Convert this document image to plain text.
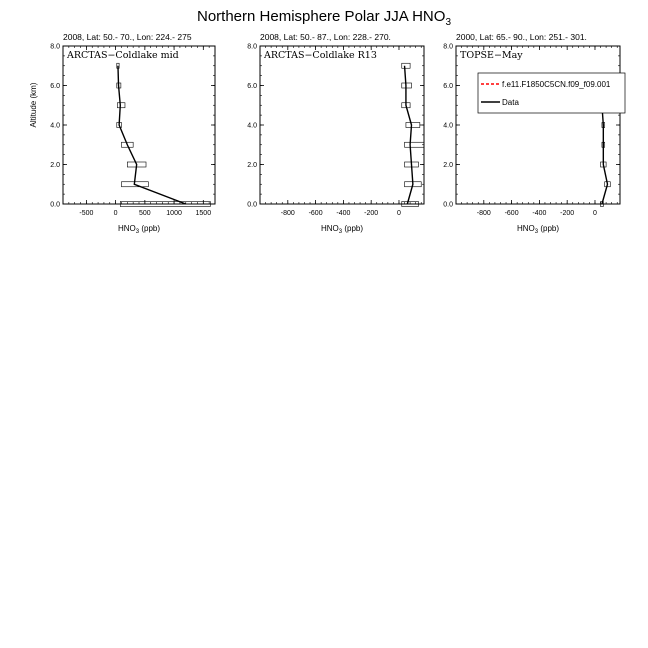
Northern Hemisphere Polar JJA $HNO_3$
2008, Lat: 50.- 70., Lon: 224.- 275
0.0
2.0
4.0
6.0
8.0
-500	0	500 1000 1500
$HNO_3$ (ppb)
Altitude (km)
ARCTAS−Coldlake mid
2008, Lat: 50.- 87., Lon: 228.- 270.
0.0
2.0
4.0
6.0
8.0
-800 -600 -400 -200	0
$HNO_3$ (ppb)
ARCTAS−Coldlake R13
2000, Lat: 65.- 90., Lon: 251.- 301.
0.0
2.0
4.0
6.0
8.0
-800 -600 -400 -200	0
$HNO_3$ (ppb)
TOPSE−May
f.e11.F1850C5CN.f09_f09.001
Data
